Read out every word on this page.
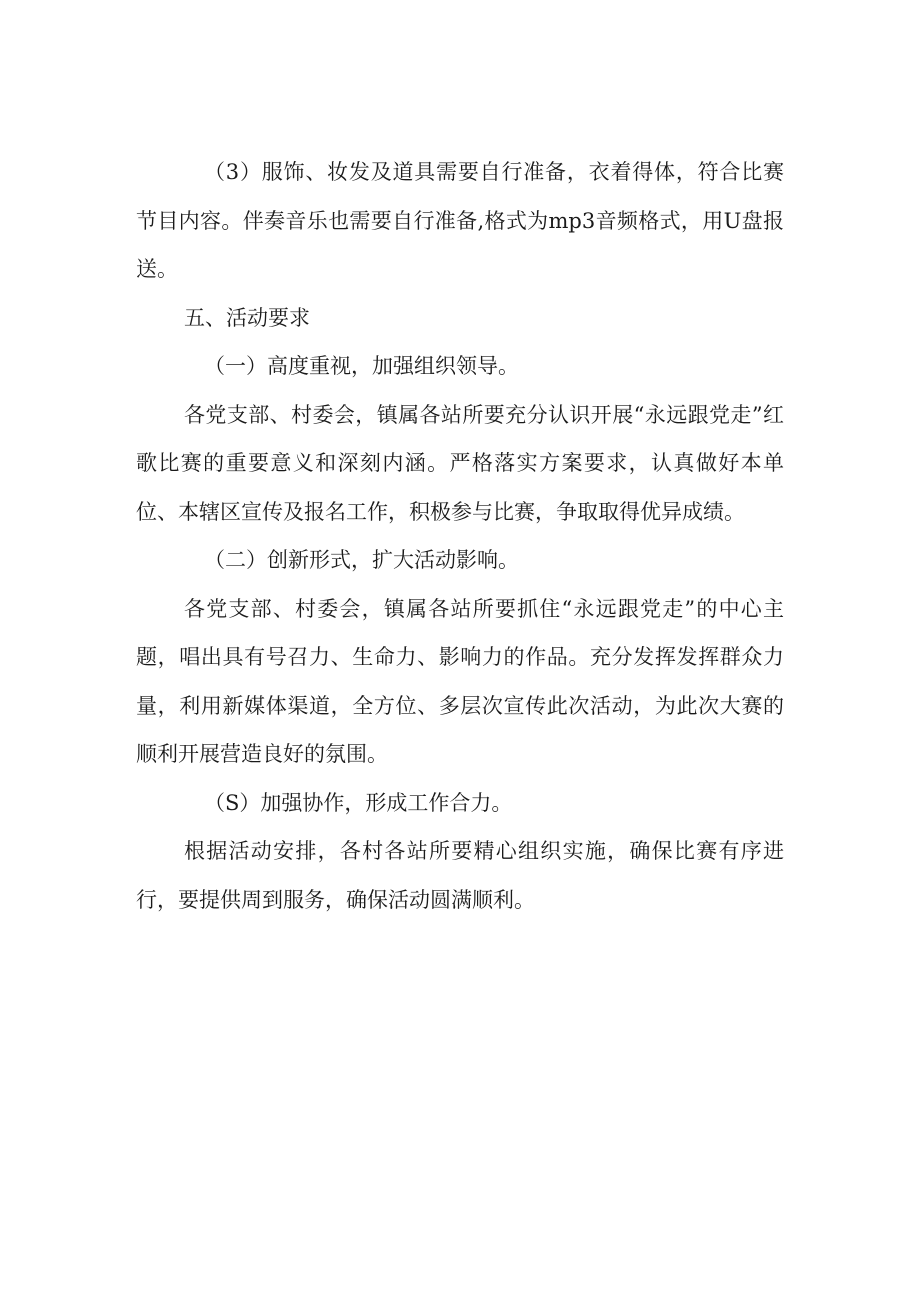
（3）服饰、妆发及道具需要自行准备，衣着得体，符合比赛节目内容。伴奏音乐也需要自行准备,格式为mp3音频格式，用U盘报送。

五、活动要求

（一）高度重视，加强组织领导。

各党支部、村委会，镇属各站所要充分认识开展“永远跟党走”红歌比赛的重要意义和深刻内涵。严格落实方案要求，认真做好本单位、本辖区宣传及报名工作，积极参与比赛，争取取得优异成绩。

（二）创新形式，扩大活动影响。

各党支部、村委会，镇属各站所要抓住“永远跟党走”的中心主题，唱出具有号召力、生命力、影响力的作品。充分发挥发挥群众力量，利用新媒体渠道，全方位、多层次宣传此次活动，为此次大赛的顺利开展营造良好的氛围。

（S）加强协作，形成工作合力。

根据活动安排，各村各站所要精心组织实施，确保比赛有序进行，要提供周到服务，确保活动圆满顺利。
